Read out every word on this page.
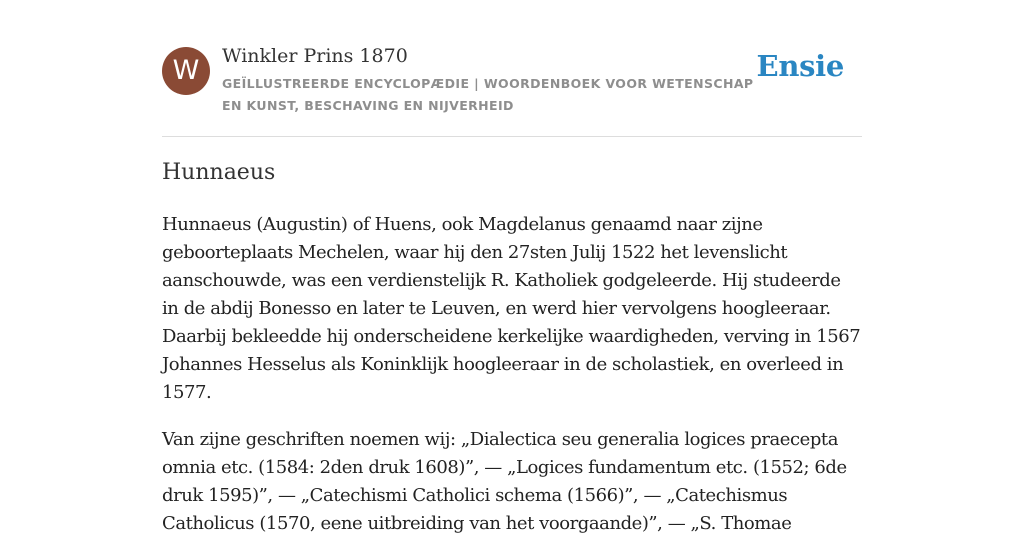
W	Winkler Prins 1870
GEÏLLUSTREERDE ENCYCLOPÆDIE | WOORDENBOEK VOOR WETENSCHAP EN KUNST, BESCHAVING EN NIJVERHEID
Ensie
Hunnaeus

Hunnaeus (Augustin) of Huens, ook Magdelanus genaamd naar zijne geboorteplaats Mechelen, waar hij den 27sten Julij 1522 het levenslicht aanschouwde, was een verdienstelijk R. Katholiek godgeleerde. Hij studeerde in de abdij Bonesso en later te Leuven, en werd hier vervolgens hoogleeraar. Daarbij bekleedde hij onderscheidene kerkelijke waardigheden, verving in 1567 Johannes Hesselus als Koninklijk hoogleeraar in de scholastiek, en overleed in 1577.

Van zijne geschriften noemen wij: „Dialectica seu generalia logices praecepta omnia etc. (1584: 2den druk 1608)”, — „Logices fundamentum etc. (1552; 6de druk 1595)”, — „Catechismi Catholici schema (1566)”, — „Catechismus Catholicus (1570, eene uitbreiding van het voorgaande)”, — „S. Thomae
